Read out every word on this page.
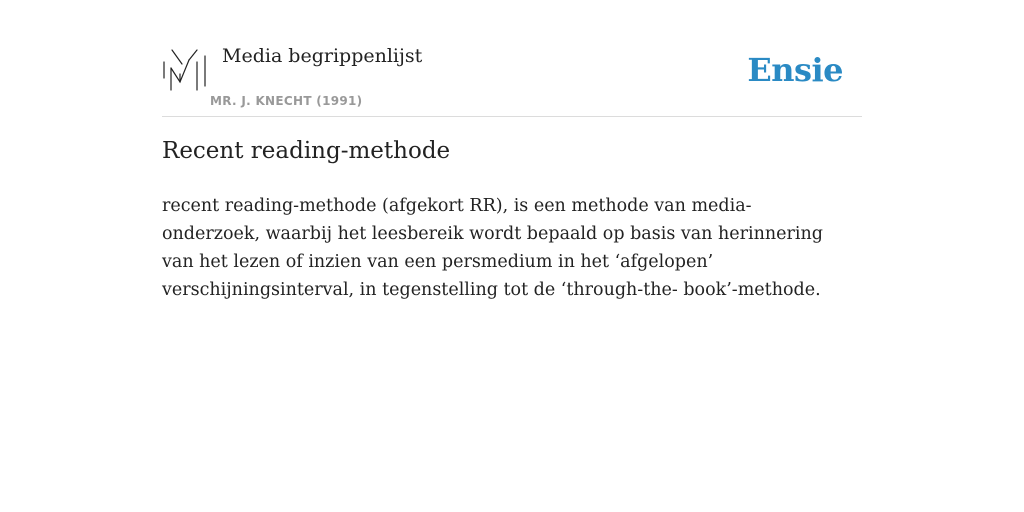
Media begrippenlijst
MR. J. KNECHT (1991)
Ensie
Recent reading-methode

recent reading-methode (afgekort RR), is een methode van media- onderzoek, waarbij het leesbereik wordt bepaald op basis van herinnering van het lezen of inzien van een persmedium in het ‘afgelopen’ verschijningsinterval, in tegenstelling tot de ‘through-the- book’-methode.
